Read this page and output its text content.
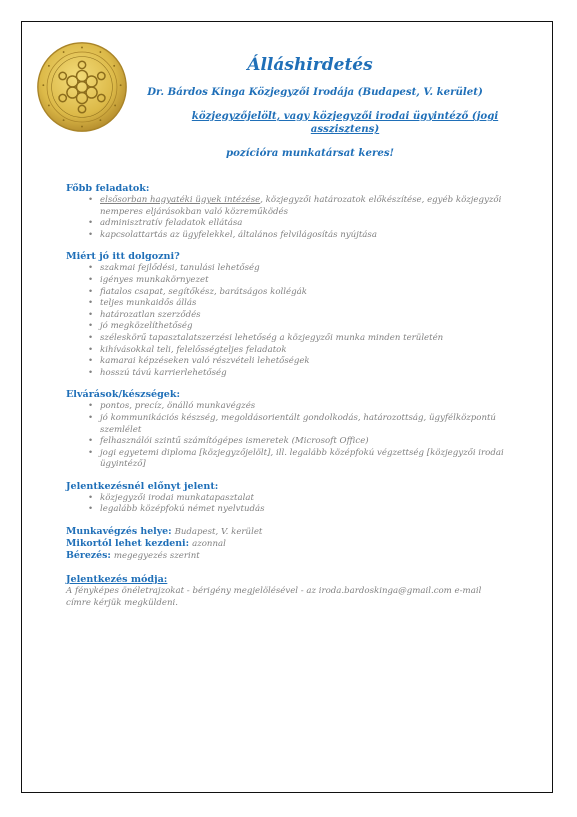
Álláshirdetés
Dr. Bárdos Kinga Közjegyzői Irodája (Budapest, V. kerület)
közjegyzőjelölt, vagy közjegyzői irodai ügyintéző (jogi asszisztens)
pozícióra munkatársat keres!

Főbb feladatok:

• elsősorban hagyatéki ügyek intézése, közjegyzői határozatok előkészítése, egyéb közjegyzői nemperes eljárásokban való közreműködés
• adminisztratív feladatok ellátása
• kapcsolattartás az ügyfelekkel, általános felvilágosítás nyújtása

Miért jó itt dolgozni?

• szakmai fejlődési, tanulási lehetőség
• igényes munkakörnyezet
• fiatalos csapat, segítőkész, barátságos kollégák
• teljes munkaidős állás
• határozatlan szerződés
• jó megközelíthetőség
• széleskörű tapasztalatszerzési lehetőség a közjegyzői munka minden területén
• kihívásokkal teli, felelősségteljes feladatok
• kamarai képzéseken való részvételi lehetőségek
• hosszú távú karrierlehetőség

Elvárások/készségek:

• pontos, precíz, önálló munkavégzés
• jó kommunikációs készség, megoldásorientált gondolkodás, határozottság, ügyfélközpontú szemlélet
• felhasználói szintű számítógépes ismeretek (Microsoft Office)
• jogi egyetemi diploma [közjegyzőjelölt], ill. legalább középfokú végzettség [közjegyzői irodai ügyintéző]

Jelentkezésnél előnyt jelent:

• közjegyzői irodai munkatapasztalat
• legalább középfokú német nyelvtudás

Munkavégzés helye: Budapest, V. kerület

Mikortól lehet kezdeni: azonnal

Bérezés: megegyezés szerint

Jelentkezés módja:

A fényképes önéletrajzokat - bérigény megjelölésével - az iroda.bardoskinga@gmail.com e-mail címre kérjük megküldeni.
